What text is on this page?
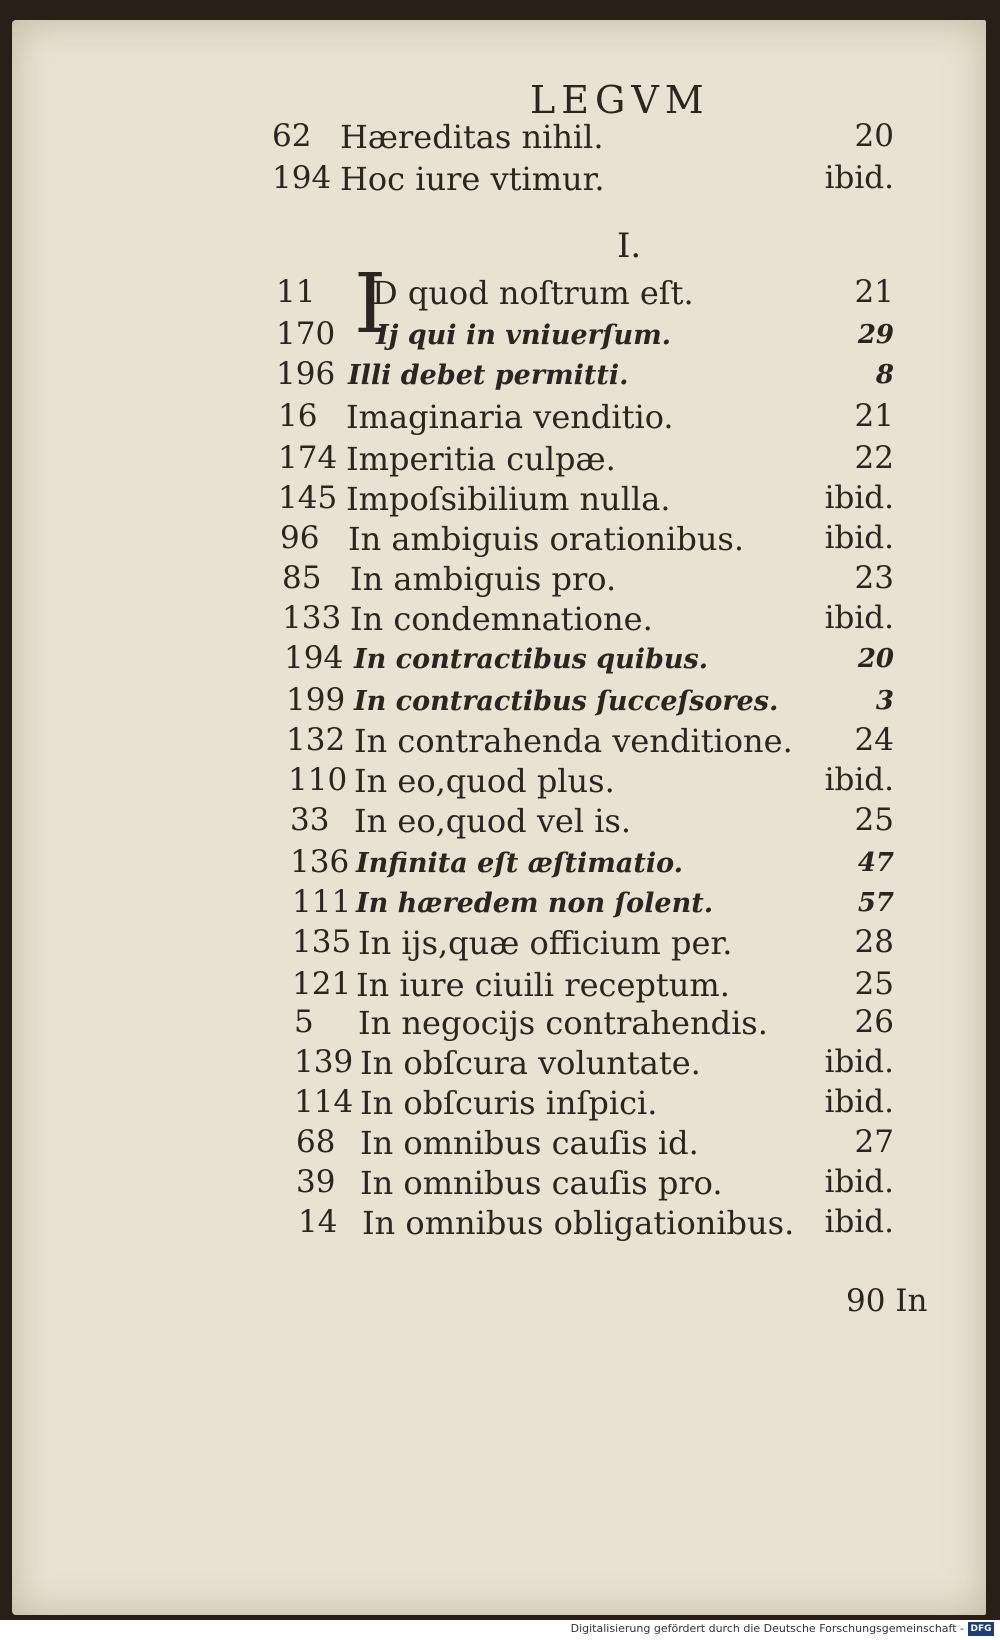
LEGVM
I.
I
62 Hæreditas nihil.	20
194 Hoc iure vtimur.	ibid.
11 D quod noſtrum eſt.	21
170 Ij qui in vniuerſum.	29
196 Illi debet permitti.	8
16 Imaginaria venditio.	21
174 Imperitia culpæ.	22
145 Impoſsibilium nulla.	ibid.
96 In ambiguis orationibus.	ibid.
85 In ambiguis pro.	23
133 In condemnatione.	ibid.
194 In contractibus quibus.	20
199 In contractibus ſucceſsores.	3
132 In contrahenda venditione. 24
110 In eo,quod plus.	ibid.
33 In eo,quod vel is.	25
136 Infinita eſt æſtimatio.	47
111 In hæredem non ſolent.	57
135 In ijs,quæ officium per.	28
121 In iure ciuili receptum.	25
5 In negocijs contrahendis.	26
139 In obſcura voluntate.	ibid.
114 In obſcuris inſpici.	ibid.
68 In omnibus cauſis id.	27
39 In omnibus cauſis pro.	ibid.
14 In omnibus obligationibus. ibid.
90 In
Digitalisierung gefördert durch die Deutsche Forschungsgemeinschaft - DFG
